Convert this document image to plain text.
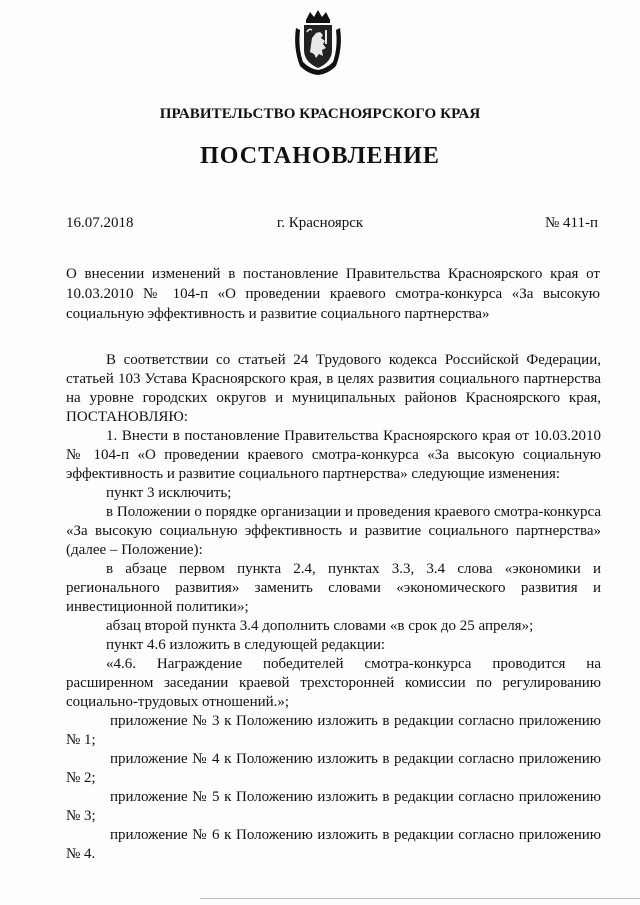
ПРАВИТЕЛЬСТВО КРАСНОЯРСКОГО КРАЯ
ПОСТАНОВЛЕНИЕ
16.07.2018	г. Красноярск	№ 411-п
О внесении изменений в постановление Правительства Красноярского края от 10.03.2010 № 104-п «О проведении краевого смотра-конкурса «За высокую социальную эффективность и развитие социального партнерства»

В соответствии со статьей 24 Трудового кодекса Российской Федерации, статьей 103 Устава Красноярского края, в целях развития социального партнерства на уровне городских округов и муниципальных районов Красноярского края, ПОСТАНОВЛЯЮ:

1. Внести в постановление Правительства Красноярского края от 10.03.2010 № 104-п «О проведении краевого смотра-конкурса «За высокую социальную эффективность и развитие социального партнерства» следующие изменения:

пункт 3 исключить;

в Положении о порядке организации и проведения краевого смотра-конкурса «За высокую социальную эффективность и развитие социального партнерства» (далее – Положение):

в абзаце первом пункта 2.4, пунктах 3.3, 3.4 слова «экономики и регионального развития» заменить словами «экономического развития и инвестиционной политики»;

абзац второй пункта 3.4 дополнить словами «в срок до 25 апреля»;

пункт 4.6 изложить в следующей редакции:

«4.6. Награждение победителей смотра-конкурса проводится на расширенном заседании краевой трехсторонней комиссии по регулированию социально-трудовых отношений.»;

приложение № 3 к Положению изложить в редакции согласно приложению № 1;

приложение № 4 к Положению изложить в редакции согласно приложению № 2;

приложение № 5 к Положению изложить в редакции согласно приложению № 3;

приложение № 6 к Положению изложить в редакции согласно приложению № 4.
